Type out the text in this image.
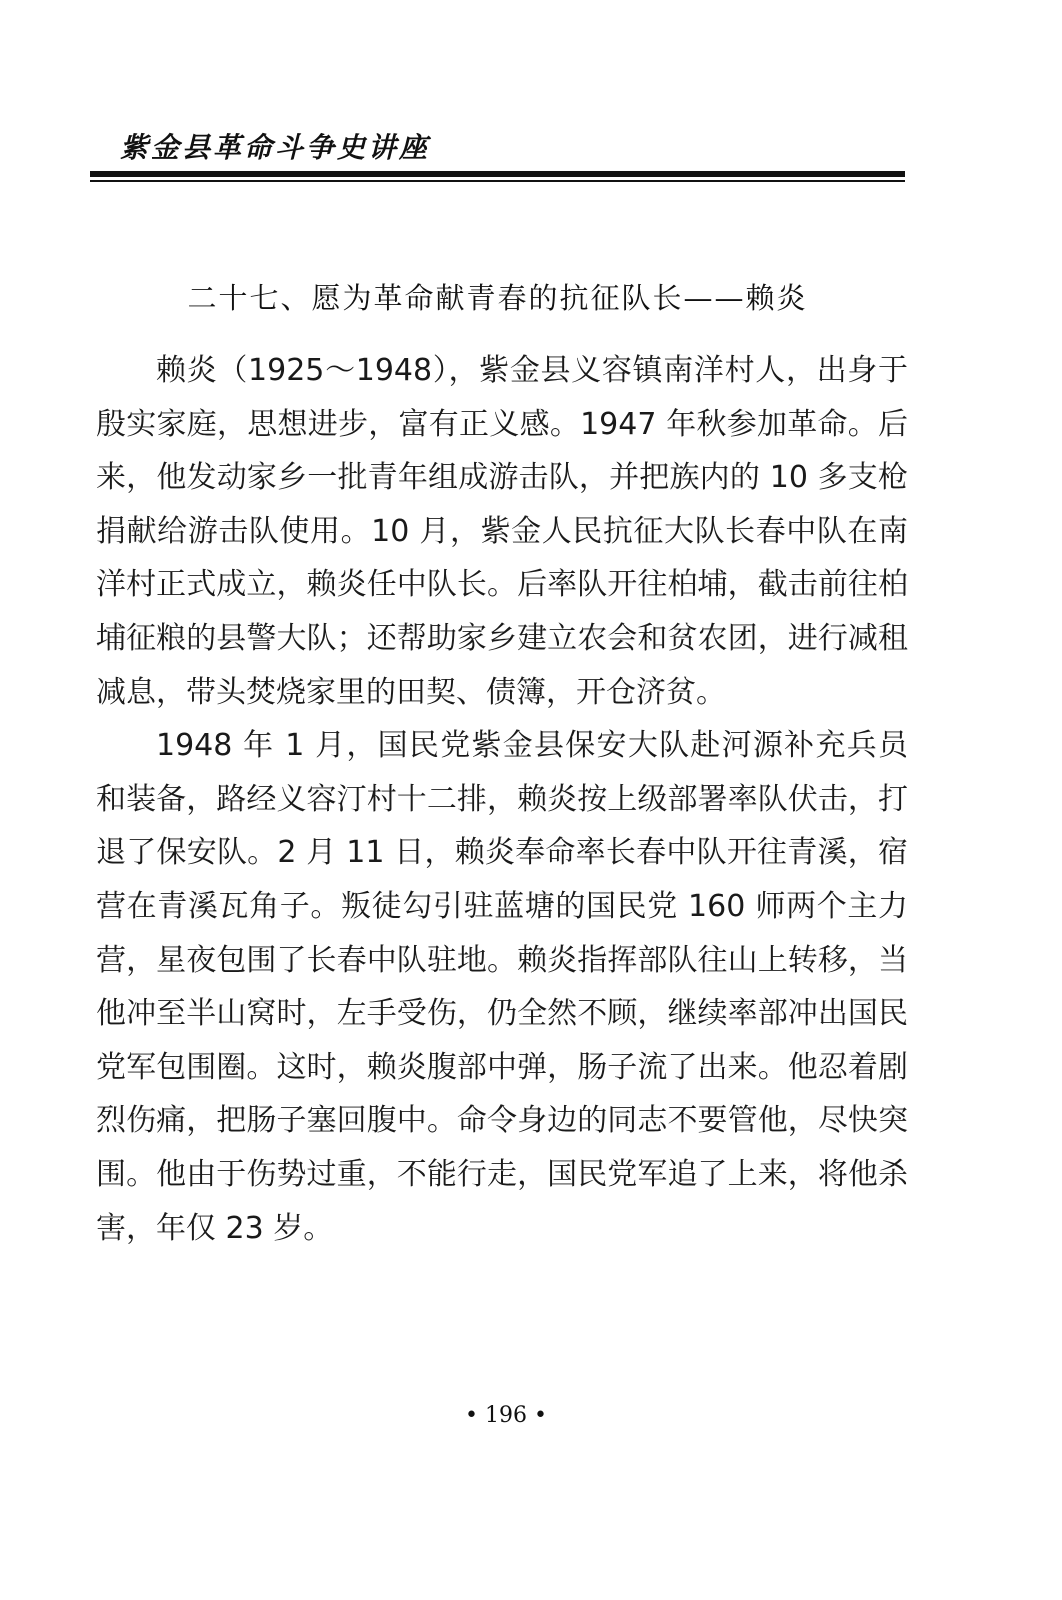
紫金县革命斗争史讲座
二十七、愿为革命献青春的抗征队长——赖炎

赖炎（1925～1948），紫金县义容镇南洋村人，出身于殷实家庭，思想进步，富有正义感。1947 年秋参加革命。后来，他发动家乡一批青年组成游击队，并把族内的 10 多支枪捐献给游击队使用。10 月，紫金人民抗征大队长春中队在南洋村正式成立，赖炎任中队长。后率队开往柏埔，截击前往柏埔征粮的县警大队；还帮助家乡建立农会和贫农团，进行减租减息，带头焚烧家里的田契、债簿，开仓济贫。

1948 年 1 月，国民党紫金县保安大队赴河源补充兵员和装备，路经义容汀村十二排，赖炎按上级部署率队伏击，打退了保安队。2 月 11 日，赖炎奉命率长春中队开往青溪，宿营在青溪瓦角子。叛徒勾引驻蓝塘的国民党 160 师两个主力营，星夜包围了长春中队驻地。赖炎指挥部队往山上转移，当他冲至半山窝时，左手受伤，仍全然不顾，继续率部冲出国民党军包围圈。这时，赖炎腹部中弹，肠子流了出来。他忍着剧烈伤痛，把肠子塞回腹中。命令身边的同志不要管他，尽快突围。他由于伤势过重，不能行走，国民党军追了上来，将他杀害，年仅 23 岁。

• 196 •
